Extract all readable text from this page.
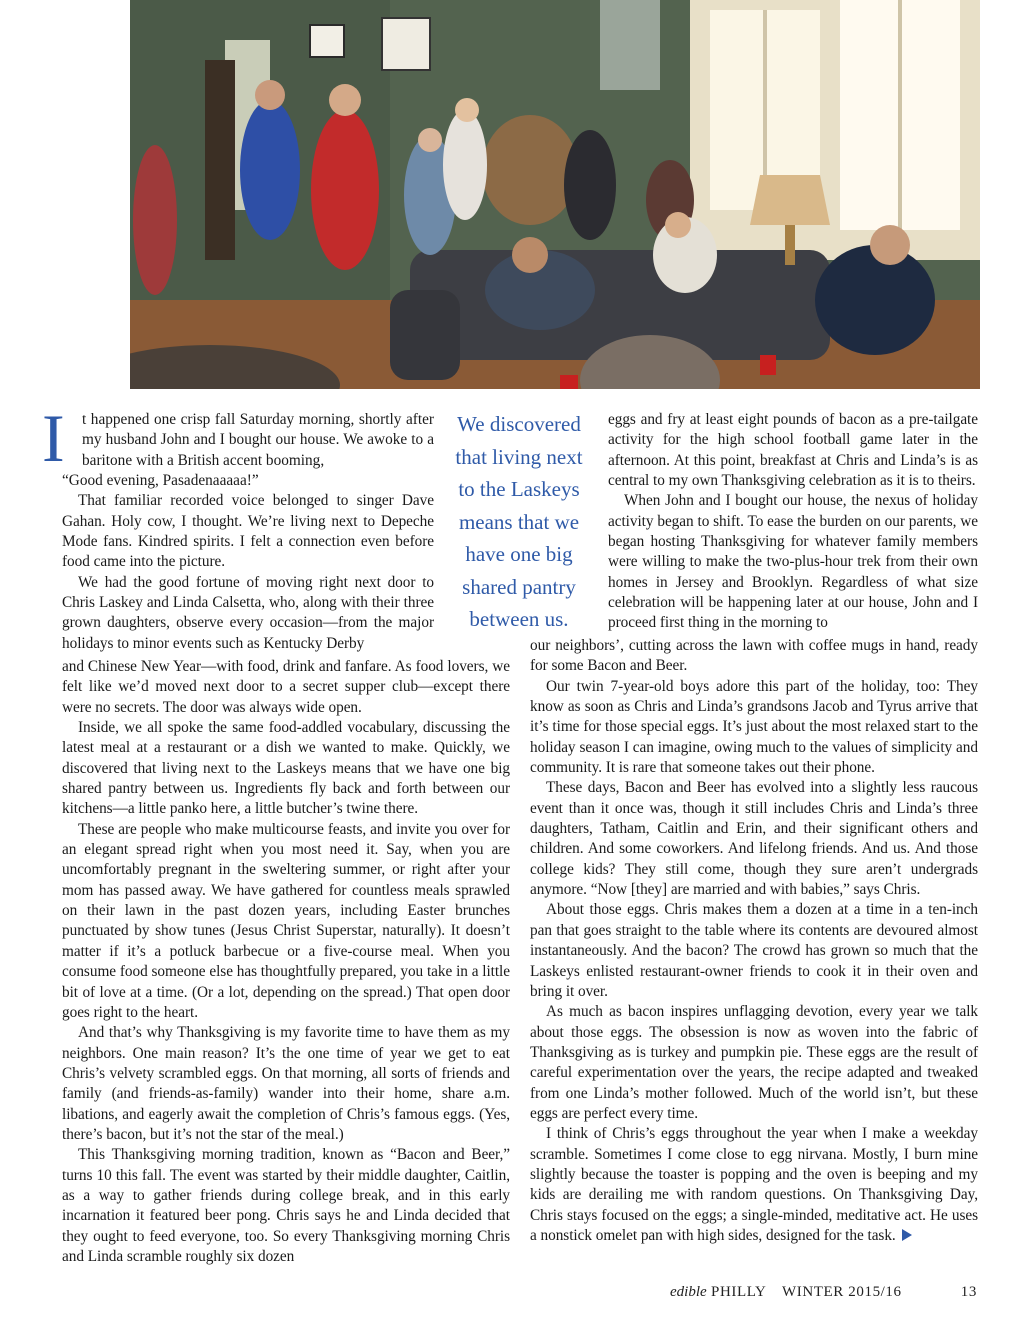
I t happened one crisp fall Saturday morning, shortly after my husband John and I bought our house. We awoke to a baritone with a British accent booming,

“Good evening, Pasadenaaaaa!”

That familiar recorded voice belonged to singer Dave Gahan. Holy cow, I thought. We’re living next to Depeche Mode fans. Kindred spirits. I felt a connection even before food came into the picture.

We had the good fortune of moving right next door to Chris Laskey and Linda Calsetta, who, along with their three grown daughters, observe every occasion—from the major holidays to minor events such as Kentucky Derby

We discovered that living next to the Laskeys means that we have one big shared pantry between us.

and Chinese New Year—with food, drink and fanfare. As food lovers, we felt like we’d moved next door to a secret supper club—except there were no secrets. The door was always wide open.

Inside, we all spoke the same food-addled vocabulary, discussing the latest meal at a restaurant or a dish we wanted to make. Quickly, we discovered that living next to the Laskeys means that we have one big shared pantry between us. Ingredients fly back and forth between our kitchens—a little panko here, a little butcher’s twine there.

These are people who make multicourse feasts, and invite you over for an elegant spread right when you most need it. Say, when you are uncomfortably pregnant in the sweltering summer, or right after your mom has passed away. We have gathered for countless meals sprawled on their lawn in the past dozen years, including Easter brunches punctuated by show tunes (Jesus Christ Superstar, naturally). It doesn’t matter if it’s a potluck barbecue or a five-course meal. When you consume food someone else has thoughtfully prepared, you take in a little bit of love at a time. (Or a lot, depending on the spread.) That open door goes right to the heart.

And that’s why Thanksgiving is my favorite time to have them as my neighbors. One main reason? It’s the one time of year we get to eat Chris’s velvety scrambled eggs. On that morning, all sorts of friends and family (and friends-as-family) wander into their home, share a.m. libations, and eagerly await the completion of Chris’s famous eggs. (Yes, there’s bacon, but it’s not the star of the meal.)

This Thanksgiving morning tradition, known as “Bacon and Beer,” turns 10 this fall. The event was started by their middle daughter, Caitlin, as a way to gather friends during college break, and in this early incarnation it featured beer pong. Chris says he and Linda decided that they ought to feed everyone, too. So every Thanksgiving morning Chris and Linda scramble roughly six dozen

eggs and fry at least eight pounds of bacon as a pre-tailgate activity for the high school football game later in the afternoon. At this point, breakfast at Chris and Linda’s is as central to my own Thanksgiving celebration as it is to theirs.

When John and I bought our house, the nexus of holiday activity began to shift. To ease the burden on our parents, we began hosting Thanksgiving for whatever family members were willing to make the two-plus-hour trek from their own homes in Jersey and Brooklyn. Regardless of what size celebration will be happening later at our house, John and I proceed first thing in the morning to

our neighbors’, cutting across the lawn with coffee mugs in hand, ready for some Bacon and Beer.

Our twin 7-year-old boys adore this part of the holiday, too: They know as soon as Chris and Linda’s grandsons Jacob and Tyrus arrive that it’s time for those special eggs. It’s just about the most relaxed start to the holiday season I can imagine, owing much to the values of simplicity and community. It is rare that someone takes out their phone.

These days, Bacon and Beer has evolved into a slightly less raucous event than it once was, though it still includes Chris and Linda’s three daughters, Tatham, Caitlin and Erin, and their significant others and children. And some coworkers. And lifelong friends. And us. And those college kids? They still come, though they sure aren’t undergrads anymore. “Now [they] are married and with babies,” says Chris.

About those eggs. Chris makes them a dozen at a time in a ten-inch pan that goes straight to the table where its contents are devoured almost instantaneously. And the bacon? The crowd has grown so much that the Laskeys enlisted restaurant-owner friends to cook it in their oven and bring it over.

As much as bacon inspires unflagging devotion, every year we talk about those eggs. The obsession is now as woven into the fabric of Thanksgiving as is turkey and pumpkin pie. These eggs are the result of careful experimentation over the years, the recipe adapted and tweaked from one Linda’s mother followed. Much of the world isn’t, but these eggs are perfect every time.

I think of Chris’s eggs throughout the year when I make a weekday scramble. Sometimes I come close to egg nirvana. Mostly, I burn mine slightly because the toaster is popping and the oven is beeping and my kids are derailing me with random questions. On Thanksgiving Day, Chris stays focused on the eggs; a single-minded, meditative act. He uses a nonstick omelet pan with high sides, designed for the task.

edible PHILLY WINTER 2015/16	13
